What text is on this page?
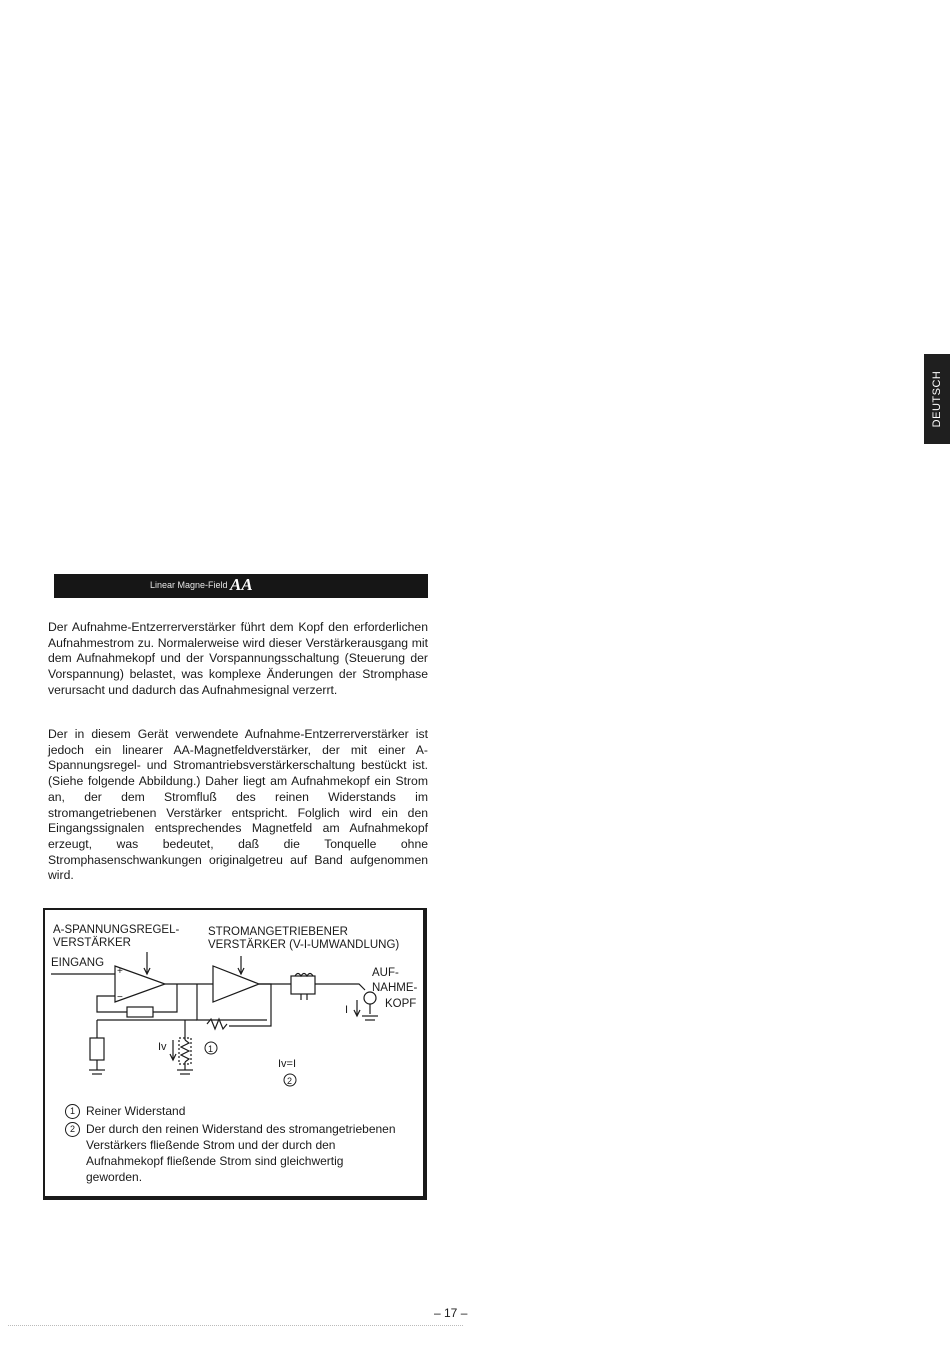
DEUTSCH
Linear Magne-Field AA

Der Aufnahme-Entzerrerverstärker führt dem Kopf den erforderlichen Aufnahmestrom zu. Normalerweise wird dieser Verstärkerausgang mit dem Aufnahmekopf und der Vorspannungsschaltung (Steuerung der Vorspannung) belastet, was komplexe Änderungen der Stromphase verursacht und dadurch das Aufnahmesignal verzerrt.

Der in diesem Gerät verwendete Aufnahme-Entzerrerverstärker ist jedoch ein linearer AA-Magnetfeldverstärker, der mit einer A-Spannungsregel- und Stromantriebsverstärkerschaltung bestückt ist. (Siehe folgende Abbildung.) Daher liegt am Aufnahmekopf ein Strom an, der dem Stromfluß des reinen Widerstands im stromangetriebenen Verstärker entspricht. Folglich wird ein den Eingangssignalen entsprechendes Magnetfeld am Aufnahmekopf erzeugt, was bedeutet, daß die Tonquelle ohne Stromphasenschwankungen originalgetreu auf Band aufgenommen wird.

A-SPANNUNGSREGEL-
VERSTÄRKER
EINGANG
STROMANGETRIEBENER
VERSTÄRKER (V-I-UMWANDLUNG)
AUF-
NAHME-
KOPF
Iv	1
Iv=I
2
I
+
−
1 Reiner Widerstand
2 Der durch den reinen Widerstand des stromangetriebenen Verstärkers fließende Strom und der durch den Aufnahmekopf fließende Strom sind gleichwertig geworden.
– 17 –
